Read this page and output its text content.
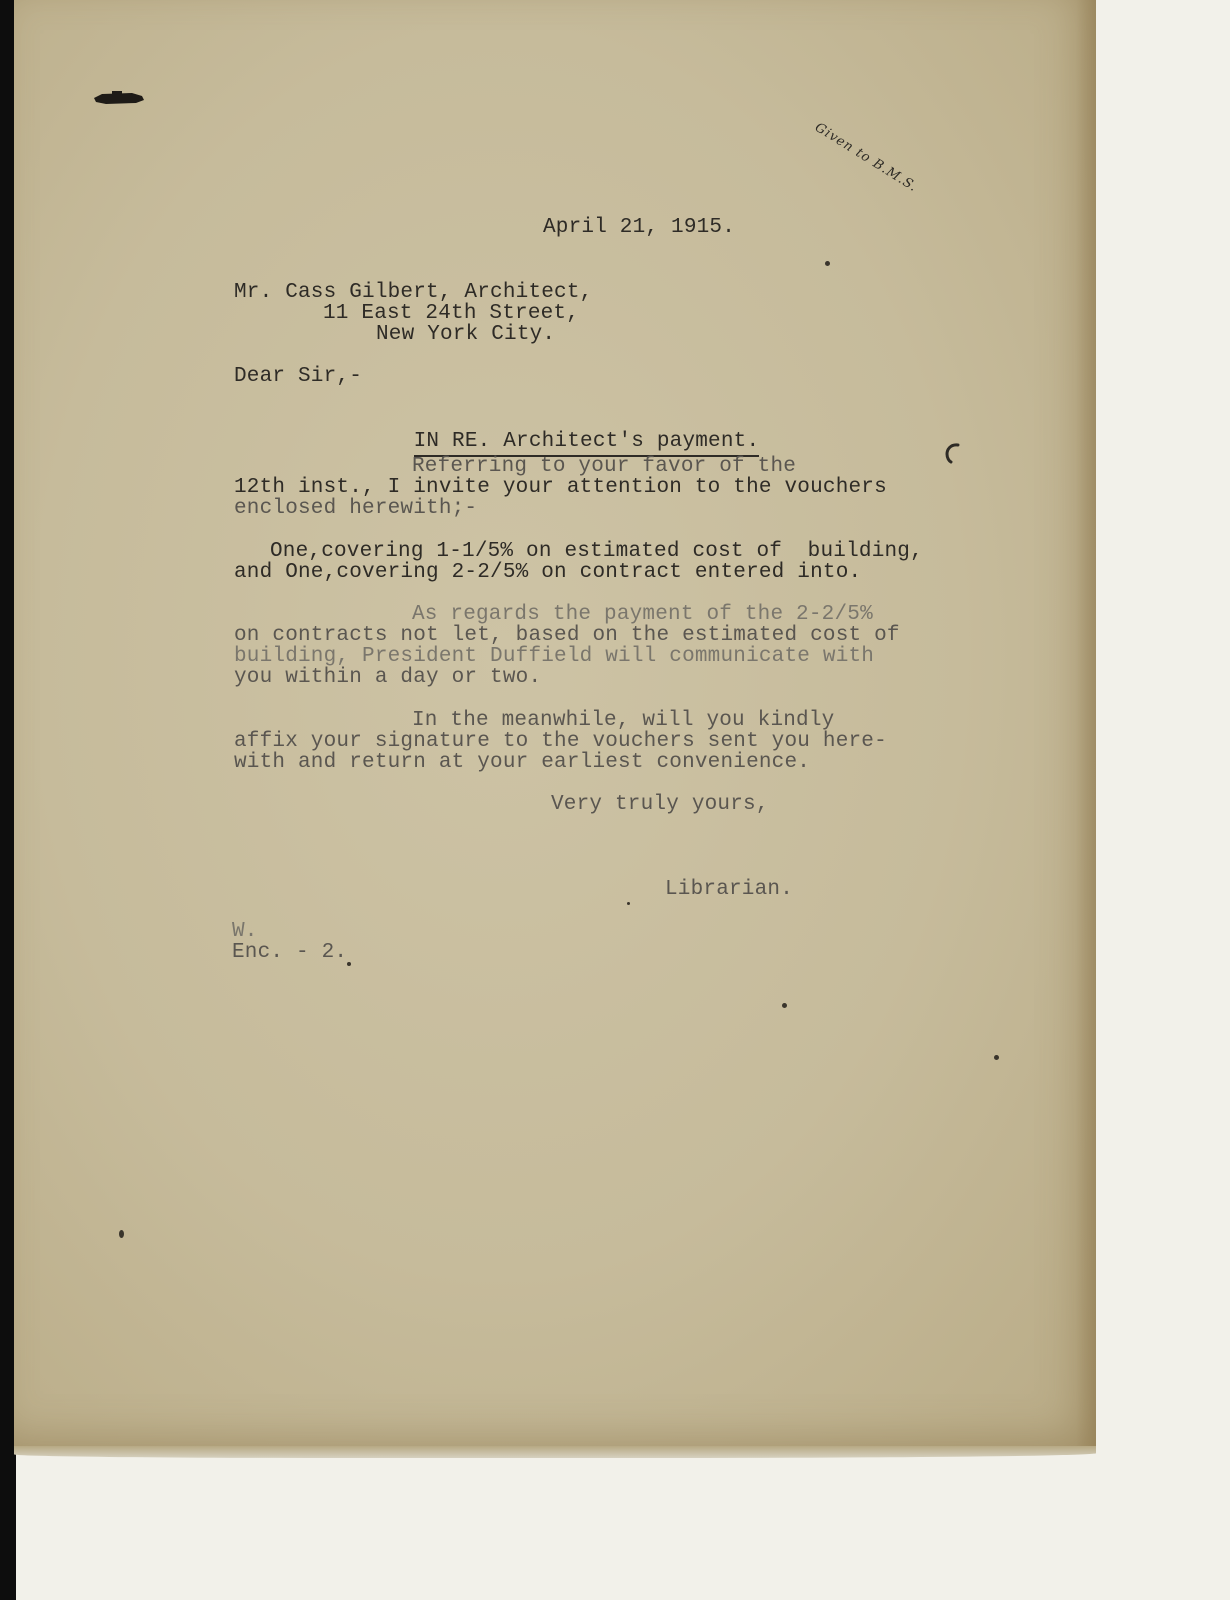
Given to B.M.S.
April 21, 1915.
Mr. Cass Gilbert, Architect,
11 East 24th Street,
New York City.
Dear Sir,-

IN RE. Architect's payment.

Referring to your favor of the
12th inst., I invite your attention to the vouchers
enclosed herewith;-
One,covering 1-1/5% on estimated cost of  building,
and One,covering 2-2/5% on contract entered into.
As regards the payment of the 2-2/5%
on contracts not let, based on the estimated cost of
building, President Duffield will communicate with
you within a day or two.
In the meanwhile, will you kindly
affix your signature to the vouchers sent you here-
with and return at your earliest convenience.
Very truly yours,
Librarian.
W.
Enc. - 2.
